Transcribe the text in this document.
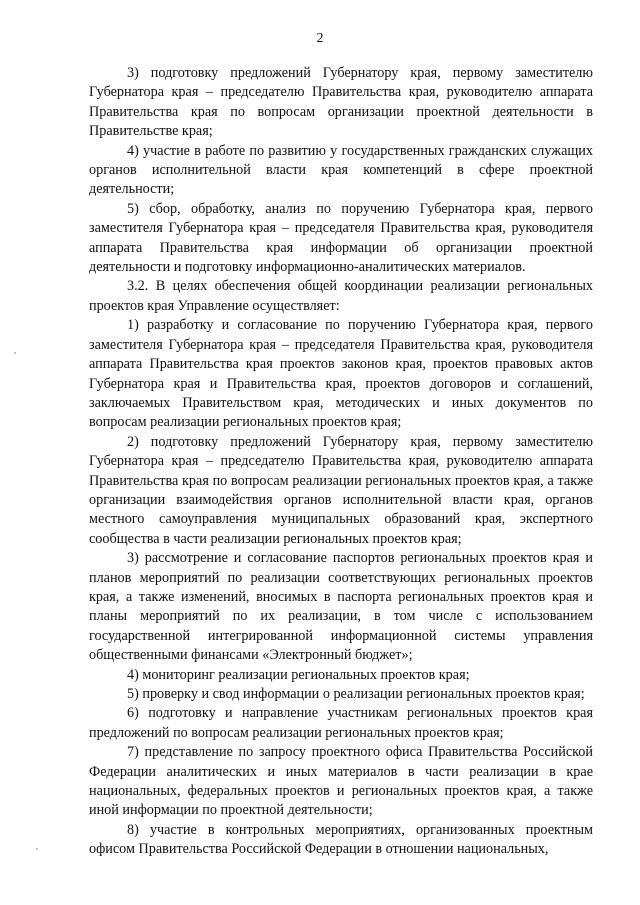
2

3) подготовку предложений Губернатору края, первому заместителю Губернатора края – председателю Правительства края, руководителю аппарата Правительства края по вопросам организации проектной деятельности в Правительстве края;

4) участие в работе по развитию у государственных гражданских служащих органов исполнительной власти края компетенций в сфере проектной деятельности;

5) сбор, обработку, анализ по поручению Губернатора края, первого заместителя Губернатора края – председателя Правительства края, руководителя аппарата Правительства края информации об организации проектной деятельности и подготовку информационно-аналитических материалов.

3.2. В целях обеспечения общей координации реализации региональных проектов края Управление осуществляет:

1) разработку и согласование по поручению Губернатора края, первого заместителя Губернатора края – председателя Правительства края, руководителя аппарата Правительства края проектов законов края, проектов правовых актов Губернатора края и Правительства края, проектов договоров и соглашений, заключаемых Правительством края, методических и иных документов по вопросам реализации региональных проектов края;

2) подготовку предложений Губернатору края, первому заместителю Губернатора края – председателю Правительства края, руководителю аппарата Правительства края по вопросам реализации региональных проектов края, а также организации взаимодействия органов исполнительной власти края, органов местного самоуправления муниципальных образований края, экспертного сообщества в части реализации региональных проектов края;

3) рассмотрение и согласование паспортов региональных проектов края и планов мероприятий по реализации соответствующих региональных проектов края, а также изменений, вносимых в паспорта региональных проектов края и планы мероприятий по их реализации, в том числе с использованием государственной интегрированной информационной системы управления общественными финансами «Электронный бюджет»;

4) мониторинг реализации региональных проектов края;

5) проверку и свод информации о реализации региональных проектов края;

6) подготовку и направление участникам региональных проектов края предложений по вопросам реализации региональных проектов края;

7) представление по запросу проектного офиса Правительства Российской Федерации аналитических и иных материалов в части реализации в крае национальных, федеральных проектов и региональных проектов края, а также иной информации по проектной деятельности;

8) участие в контрольных мероприятиях, организованных проектным офисом Правительства Российской Федерации в отношении национальных,
